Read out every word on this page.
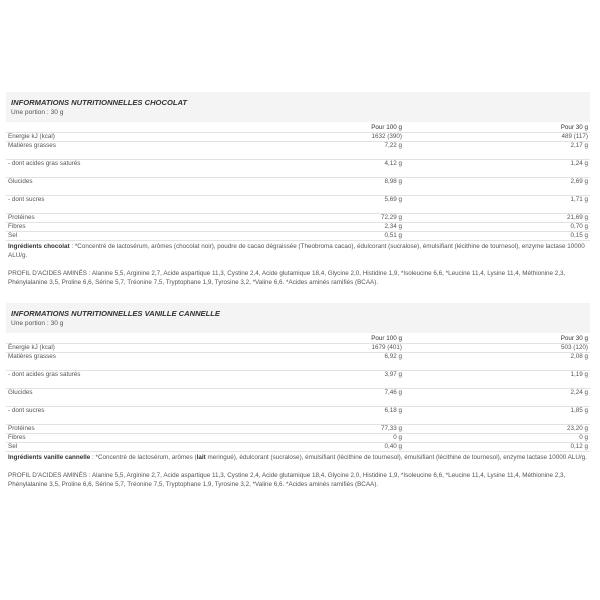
INFORMATIONS NUTRITIONNELLES CHOCOLAT
Une portion : 30 g
	Pour 100 g	Pour 30 g
Energie kJ (kcal)	1632 (390)	489 (117)
Matières grasses	7,22 g	2,17 g
- dont acides gras saturés	4,12 g	1,24 g
Glucides	8,98 g	2,69 g
- dont sucres	5,69 g	1,71 g
Protéines	72,29 g	21,69 g
Fibres	2,34 g	0,70 g
Sel	0,51 g	0,15 g
Ingrédients chocolat : *Concentré de lactosérum, arômes (chocolat noir), poudre de cacao dégraissée (Theobroma cacao), édulcorant (sucralose), émulsifiant (lécithine de tournesol), enzyme lactase 10000 ALU/g.
PROFIL D'ACIDES AMINÉS : Alanine 5,5, Arginine 2,7, Acide aspartique 11,3, Cystine 2,4, Acide glutamique 18,4, Glycine 2,0, Histidine 1,9, *Isoleucine 6,6, *Leucine 11,4, Lysine 11,4, Méthionine 2,3, Phénylalanine 3,5, Proline 6,6, Sérine 5,7, Tréonine 7,5, Tryptophane 1,9, Tyrosine 3,2, *Valine 6,6. *Acides aminés ramifiés (BCAA).
INFORMATIONS NUTRITIONNELLES VANILLE CANNELLE
Une portion : 30 g
	Pour 100 g	Pour 30 g
Énergie kJ (kcal)	1679 (401)	503 (120)
Matières grasses	6,92 g	2,08 g
- dont acides gras saturés	3,97 g	1,19 g
Glucides	7,46 g	2,24 g
- dont sucres	6,18 g	1,85 g
Protéines	77,33 g	23,20 g
Fibres	0 g	0 g
Sel	0,40 g	0,12 g
Ingrédients vanille cannelle : *Concentré de lactosérum, arômes (lait meringué), édulcorant (sucralose), émulsifiant (lécithine de tournesol), émulsifiant (lécithine de tournesol), enzyme lactase 10000 ALU/g.
PROFIL D'ACIDES AMINÉS : Alanine 5,5, Arginine 2,7, Acide aspartique 11,3, Cystine 2,4, Acide glutamique 18,4, Glycine 2,0, Histidine 1,9, *Isoleucine 6,6, *Leucine 11,4, Lysine 11,4, Méthionine 2,3, Phénylalanine 3,5, Proline 6,6, Sérine 5,7, Tréonine 7,5, Tryptophane 1,9, Tyrosine 3,2, *Valine 6,6. *Acides aminés ramifiés (BCAA).
